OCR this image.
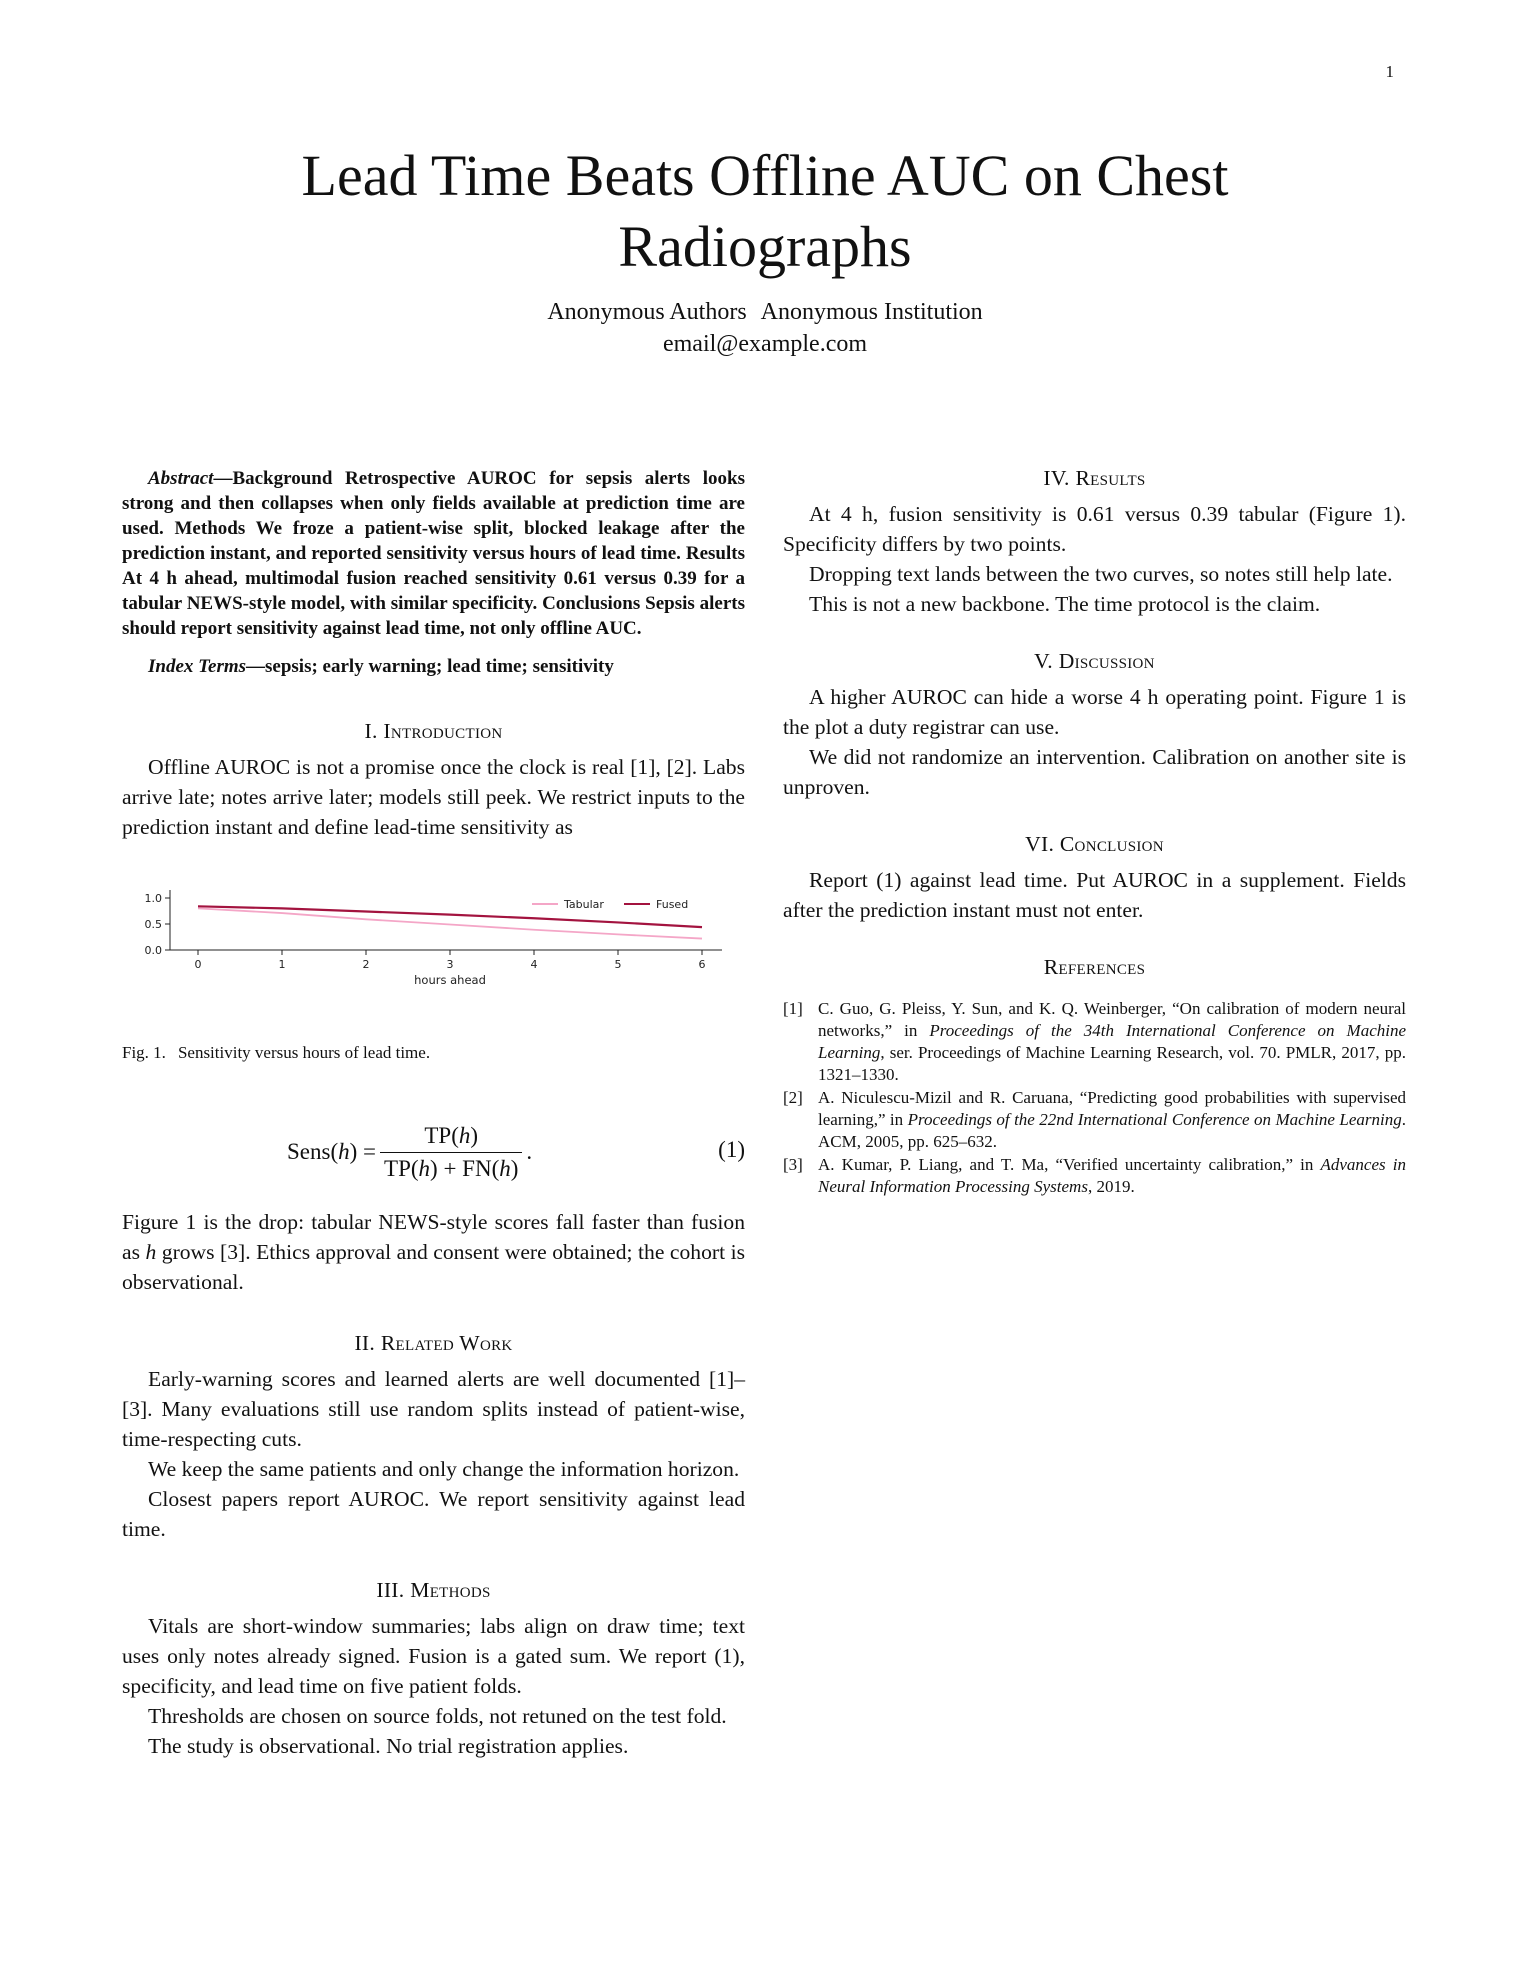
1
Lead Time Beats Offline AUC on Chest Radiographs
Anonymous Authors Anonymous Institution
email@example.com

Abstract—Background Retrospective AUROC for sepsis alerts looks strong and then collapses when only fields available at prediction time are used. Methods We froze a patient-wise split, blocked leakage after the prediction instant, and reported sensitivity versus hours of lead time. Results At 4 h ahead, multimodal fusion reached sensitivity 0.61 versus 0.39 for a tabular NEWS-style model, with similar specificity. Conclusions Sepsis alerts should report sensitivity against lead time, not only offline AUC.

Index Terms—sepsis; early warning; lead time; sensitivity

I. Introduction

Offline AUROC is not a promise once the clock is real [1], [2]. Labs arrive late; notes arrive later; models still peek. We restrict inputs to the prediction instant and define lead-time sensitivity as

0.0
0.5
1.0
0	1	2	3	4	5	6
hours ahead
Tabular	Fused

Fig. 1. Sensitivity versus hours of lead time.

Sens(h) = $\frac{TP(h)}{TP(h) + FN(h)}$ .	(1)

Figure 1 is the drop: tabular NEWS-style scores fall faster than fusion as h grows [3]. Ethics approval and consent were obtained; the cohort is observational.

II. Related Work

Early-warning scores and learned alerts are well documented [1]–[3]. Many evaluations still use random splits instead of patient-wise, time-respecting cuts.

We keep the same patients and only change the information horizon.

Closest papers report AUROC. We report sensitivity against lead time.

III. Methods

Vitals are short-window summaries; labs align on draw time; text uses only notes already signed. Fusion is a gated sum. We report (1), specificity, and lead time on five patient folds.

Thresholds are chosen on source folds, not retuned on the test fold.

The study is observational. No trial registration applies.

IV. Results

At 4 h, fusion sensitivity is 0.61 versus 0.39 tabular (Figure 1). Specificity differs by two points.

Dropping text lands between the two curves, so notes still help late.

This is not a new backbone. The time protocol is the claim.

V. Discussion

A higher AUROC can hide a worse 4 h operating point. Figure 1 is the plot a duty registrar can use.

We did not randomize an intervention. Calibration on another site is unproven.

VI. Conclusion

Report (1) against lead time. Put AUROC in a supplement. Fields after the prediction instant must not enter.

References
[1] C. Guo, G. Pleiss, Y. Sun, and K. Q. Weinberger, “On calibration of modern neural networks,” in Proceedings of the 34th International Conference on Machine Learning, ser. Proceedings of Machine Learning Research, vol. 70. PMLR, 2017, pp. 1321–1330.
[2] A. Niculescu-Mizil and R. Caruana, “Predicting good probabilities with supervised learning,” in Proceedings of the 22nd International Conference on Machine Learning. ACM, 2005, pp. 625–632.
[3] A. Kumar, P. Liang, and T. Ma, “Verified uncertainty calibration,” in Advances in Neural Information Processing Systems, 2019.
